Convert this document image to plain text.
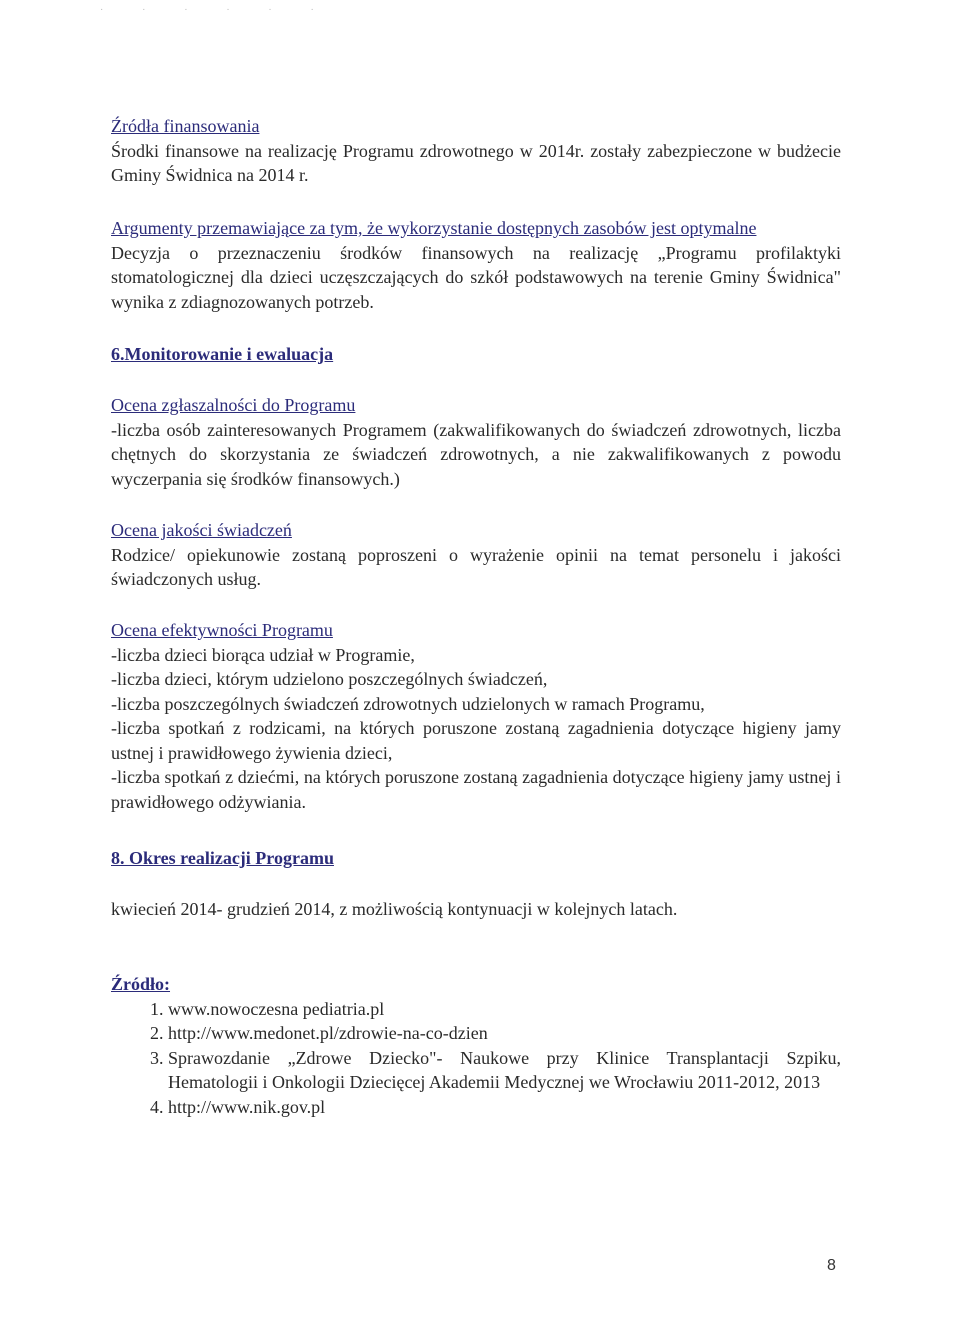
· · · · · ·
Źródła finansowania
Środki finansowe na realizację Programu zdrowotnego w 2014r. zostały zabezpieczone w budżecie Gminy Świdnica na 2014 r.
Argumenty przemawiające za tym, że wykorzystanie dostępnych zasobów jest optymalne
Decyzja o przeznaczeniu środków finansowych na realizację „Programu profilaktyki stomatologicznej dla dzieci uczęszczających do szkół podstawowych na terenie Gminy Świdnica" wynika z zdiagnozowanych potrzeb.
6.Monitorowanie i ewaluacja
Ocena zgłaszalności do Programu
-liczba osób zainteresowanych Programem (zakwalifikowanych do świadczeń zdrowotnych, liczba chętnych do skorzystania ze świadczeń zdrowotnych, a nie zakwalifikowanych z powodu wyczerpania się środków finansowych.)
Ocena jakości świadczeń
Rodzice/ opiekunowie zostaną poproszeni o wyrażenie opinii na temat personelu i jakości świadczonych usług.
Ocena efektywności Programu
-liczba dzieci biorąca udział w Programie,
-liczba dzieci, którym udzielono poszczególnych świadczeń,
-liczba poszczególnych świadczeń zdrowotnych udzielonych w ramach Programu,
-liczba spotkań z rodzicami, na których poruszone zostaną zagadnienia dotyczące higieny jamy ustnej i prawidłowego żywienia dzieci,
-liczba spotkań z dziećmi, na których poruszone zostaną zagadnienia dotyczące higieny jamy ustnej i prawidłowego odżywiania.
8. Okres realizacji Programu
kwiecień 2014- grudzień 2014, z możliwością kontynuacji w kolejnych latach.
Źródło:
1. www.nowoczesna pediatria.pl
2. http://www.medonet.pl/zdrowie-na-co-dzien
3. Sprawozdanie „Zdrowe Dziecko"- Naukowe przy Klinice Transplantacji Szpiku, Hematologii i Onkologii Dziecięcej Akademii Medycznej we Wrocławiu 2011-2012, 2013
4. http://www.nik.gov.pl
8
